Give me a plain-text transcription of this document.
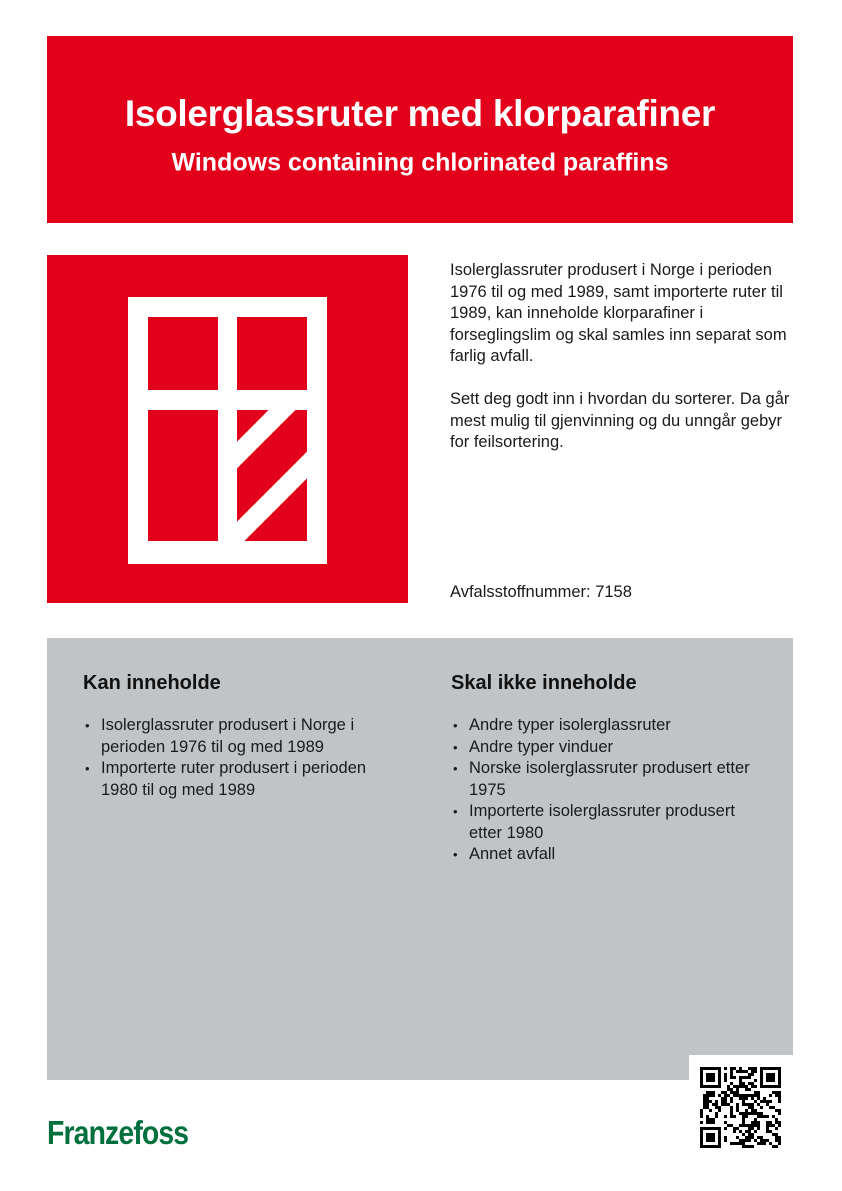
Isolerglassruter med klorparafiner
Windows containing chlorinated paraffins

Isolerglassruter produsert i Norge i perioden 1976 til og med 1989, samt importerte ruter til 1989, kan inneholde klorparafiner i forseglingslim og skal samles inn separat som farlig avfall.

Sett deg godt inn i hvordan du sorterer. Da går mest mulig til gjenvinning og du unngår gebyr for feilsortering.

Avfalsstoffnummer: 7158
Kan inneholde
• Isolerglassruter produsert i Norge i perioden 1976 til og med 1989
• Importerte ruter produsert i perioden 1980 til og med 1989
Skal ikke inneholde
• Andre typer isolerglassruter
• Andre typer vinduer
• Norske isolerglassruter produsert etter 1975
• Importerte isolerglassruter produsert etter 1980
• Annet avfall
Franzefoss
